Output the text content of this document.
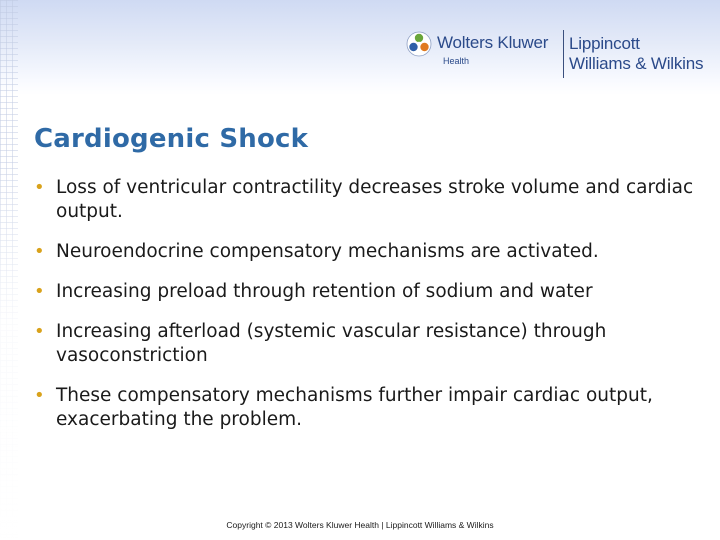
Wolters Kluwer
Health
Lippincott
Williams & Wilkins
Cardiogenic Shock
• Loss of ventricular contractility decreases stroke volume and cardiac output.
• Neuroendocrine compensatory mechanisms are activated.
• Increasing preload through retention of sodium and water
• Increasing afterload (systemic vascular resistance) through vasoconstriction
• These compensatory mechanisms further impair cardiac output, exacerbating the problem.
Copyright © 2013 Wolters Kluwer Health | Lippincott Williams & Wilkins
